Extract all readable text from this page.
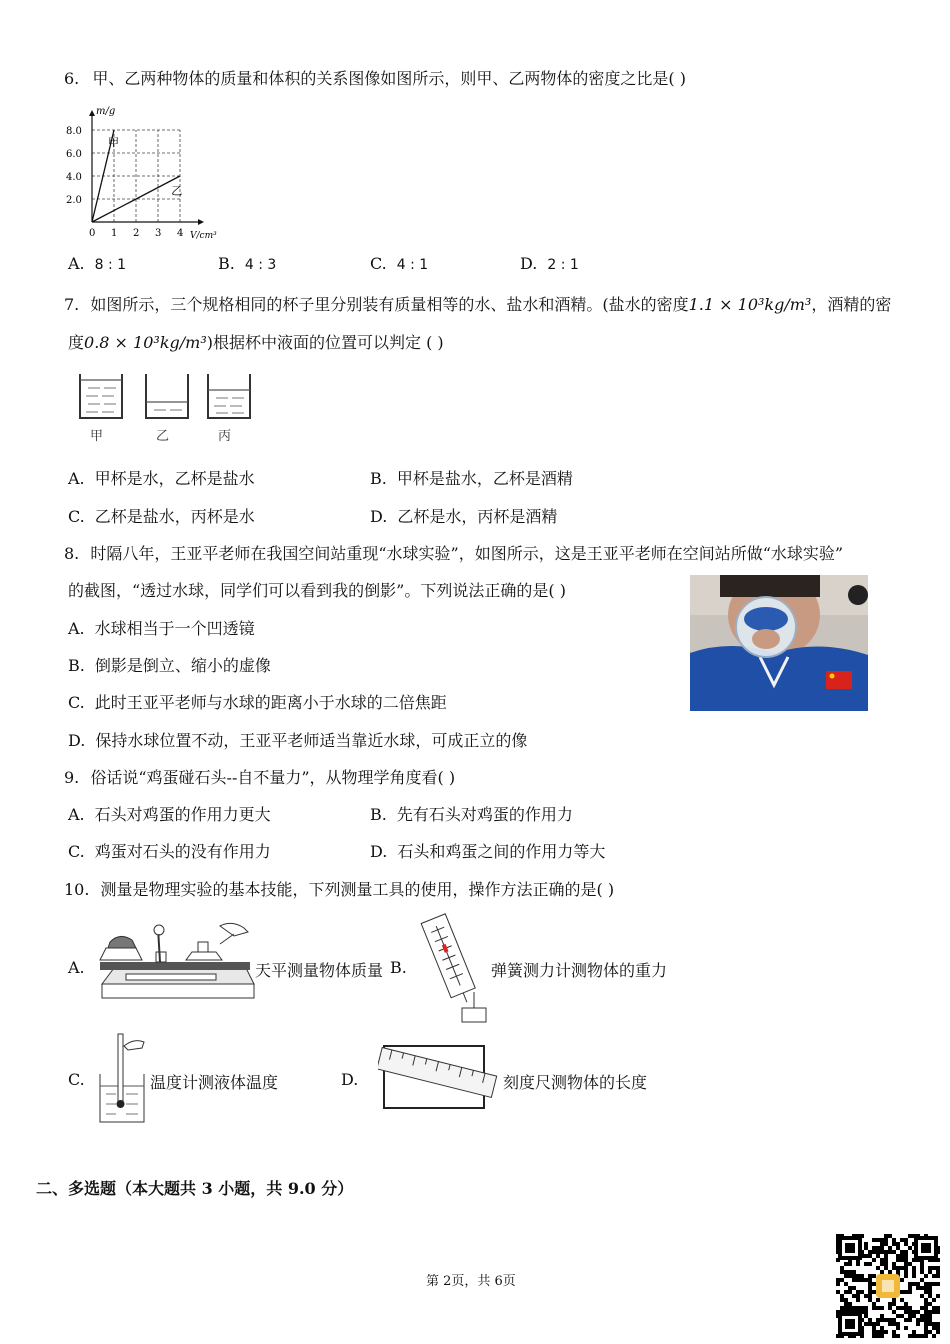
6. 甲、乙两种物体的质量和体积的关系图像如图所示，则甲、乙两物体的密度之比是( )
甲
乙
0 1 2 3 4
2.0
4.0
6.0
8.0
m/g
V/cm³
A. 8 : 1	B. 4 : 3	C. 4 : 1	D. 2 : 1
7. 如图所示，三个规格相同的杯子里分别装有质量相等的水、盐水和酒精。(盐水的密度1.1 × 10³kg/m³，酒精的密
度0.8 × 10³kg/m³)根据杯中液面的位置可以判定 ( )
甲	乙	丙
A. 甲杯是水，乙杯是盐水	B. 甲杯是盐水，乙杯是酒精
C. 乙杯是盐水，丙杯是水	D. 乙杯是水，丙杯是酒精
8. 时隔八年，王亚平老师在我国空间站重现“水球实验”，如图所示，这是王亚平老师在空间站所做“水球实验”
的截图，“透过水球，同学们可以看到我的倒影”。下列说法正确的是( )
A. 水球相当于一个凹透镜
B. 倒影是倒立、缩小的虚像
C. 此时王亚平老师与水球的距离小于水球的二倍焦距
D. 保持水球位置不动，王亚平老师适当靠近水球，可成正立的像
9. 俗话说“鸡蛋碰石头--自不量力”，从物理学角度看( )
A. 石头对鸡蛋的作用力更大	B. 先有石头对鸡蛋的作用力
C. 鸡蛋对石头的没有作用力	D. 石头和鸡蛋之间的作用力等大
10. 测量是物理实验的基本技能，下列测量工具的使用，操作方法正确的是( )
A.	天平测量物体质量 B.	弹簧测力计测物体的重力
C.	温度计测液体温度	D.	刻度尺测物体的长度
二、多选题（本大题共 3 小题，共 9.0 分）
第 2页，共 6页
